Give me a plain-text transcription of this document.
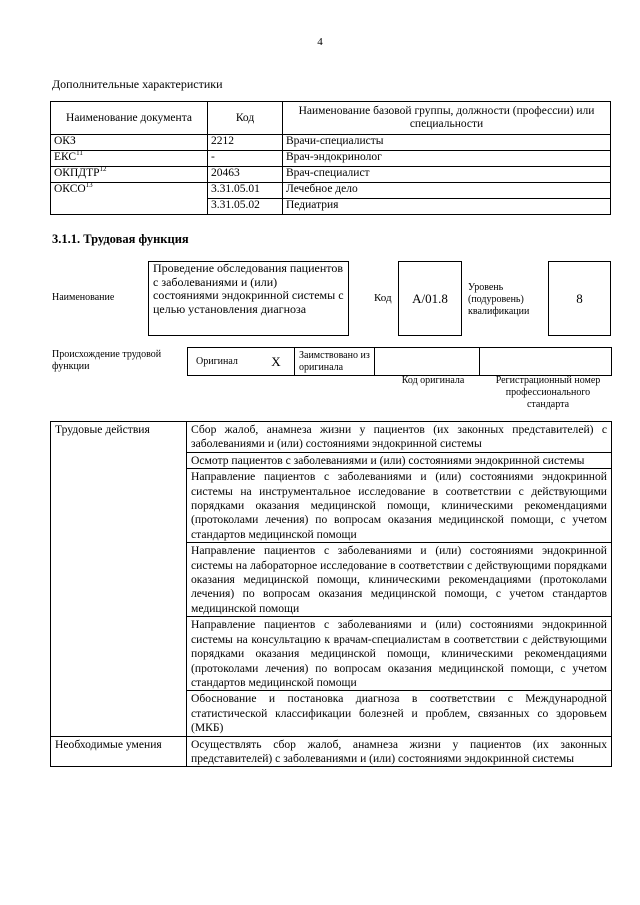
4
Дополнительные характеристики
Наименование документа	Код	Наименование базовой группы, должности (профессии) или специальности
ОКЗ	2212	Врачи-специалисты
ЕКС$^{11}$	-	Врач-эндокринолог
ОКПДТР$^{12}$	20463	Врач-специалист
ОКСО$^{13}$	3.31.05.01	Лечебное дело
	3.31.05.02	Педиатрия
3.1.1. Трудовая функция
Наименование
Проведение обследования пациентов с заболеваниями и (или) состояниями эндокринной системы с целью установления диагноза
Код	A/01.8
Уровень (подуровень) квалификации
8
Происхождение трудовой функции	Оригинал	X	Заимствовано из оригинала
Код оригинала	Регистрационный номер профессионального стандарта
Трудовые действия	Сбор жалоб, анамнеза жизни у пациентов (их законных представителей) с заболеваниями и (или) состояниями эндокринной системы
	Осмотр пациентов с заболеваниями и (или) состояниями эндокринной системы
	Направление пациентов с заболеваниями и (или) состояниями эндокринной системы на инструментальное исследование в соответствии с действующими порядками оказания медицинской помощи, клиническими рекомендациями (протоколами лечения) по вопросам оказания медицинской помощи, с учетом стандартов медицинской помощи
	Направление пациентов с заболеваниями и (или) состояниями эндокринной системы на лабораторное исследование в соответствии с действующими порядками оказания медицинской помощи, клиническими рекомендациями (протоколами лечения) по вопросам оказания медицинской помощи, с учетом стандартов медицинской помощи
	Направление пациентов с заболеваниями и (или) состояниями эндокринной системы на консультацию к врачам-специалистам в соответствии с действующими порядками оказания медицинской помощи, клиническими рекомендациями (протоколами лечения) по вопросам оказания медицинской помощи, с учетом стандартов медицинской помощи
	Обоснование и постановка диагноза в соответствии с Международной статистической классификации болезней и проблем, связанных со здоровьем (МКБ)
Необходимые умения	Осуществлять сбор жалоб, анамнеза жизни у пациентов (их законных представителей) с заболеваниями и (или) состояниями эндокринной системы
